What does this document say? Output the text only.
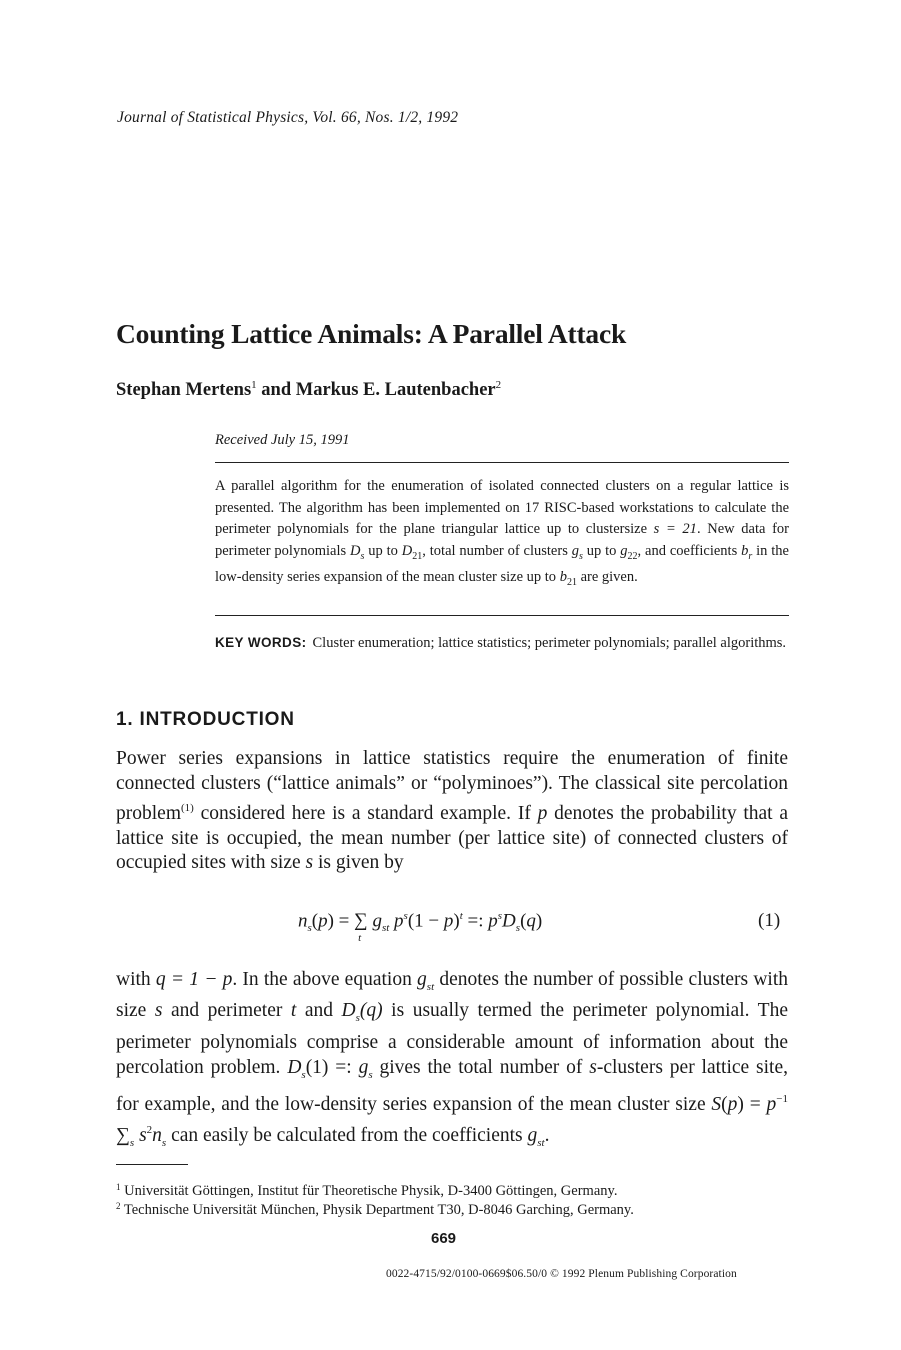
Journal of Statistical Physics, Vol. 66, Nos. 1/2, 1992
Counting Lattice Animals: A Parallel Attack
Stephan Mertens$^1$ and Markus E. Lautenbacher$^2$
Received July 15, 1991

A parallel algorithm for the enumeration of isolated connected clusters on a regular lattice is presented. The algorithm has been implemented on 17 RISC-based workstations to calculate the perimeter polynomials for the plane triangular lattice up to clustersize s = 21. New data for perimeter polynomials $D_s$ up to $D_{21}$, total number of clusters $g_s$ up to $g_{22}$, and coefficients $b_r$ in the low-density series expansion of the mean cluster size up to $b_{21}$ are given.

KEY WORDS: Cluster enumeration; lattice statistics; perimeter polynomials; parallel algorithms.

1. INTRODUCTION

Power series expansions in lattice statistics require the enumeration of finite connected clusters (“lattice animals” or “polyminoes”). The classical site percolation problem$^{(1)}$ considered here is a standard example. If p denotes the probability that a lattice site is occupied, the mean number (per lattice site) of connected clusters of occupied sites with size s is given by

$n_s(p)$ = ∑
t
$g_{st}$ $p^s(1 - p)^t$ =: $p^sD_s(q)$	(1)

with q = 1 − p. In the above equation $g_{st}$ denotes the number of possible clusters with size s and perimeter t and $D_s(q)$ is usually termed the perimeter polynomial. The perimeter polynomials comprise a considerable amount of information about the percolation problem. $D_s(1)$ =: $g_s$ gives the total number of s-clusters per lattice site, for example, and the low-density series expansion of the mean cluster size $S(p) = p^{-1}$ $\sum_s$ $s^2n_s$ can easily be calculated from the coefficients $g_{st}$.

$^1$ Universität Göttingen, Institut für Theoretische Physik, D-3400 Göttingen, Germany.
$^2$ Technische Universität München, Physik Department T30, D-8046 Garching, Germany.
669
0022-4715/92/0100-0669$06.50/0 © 1992 Plenum Publishing Corporation
